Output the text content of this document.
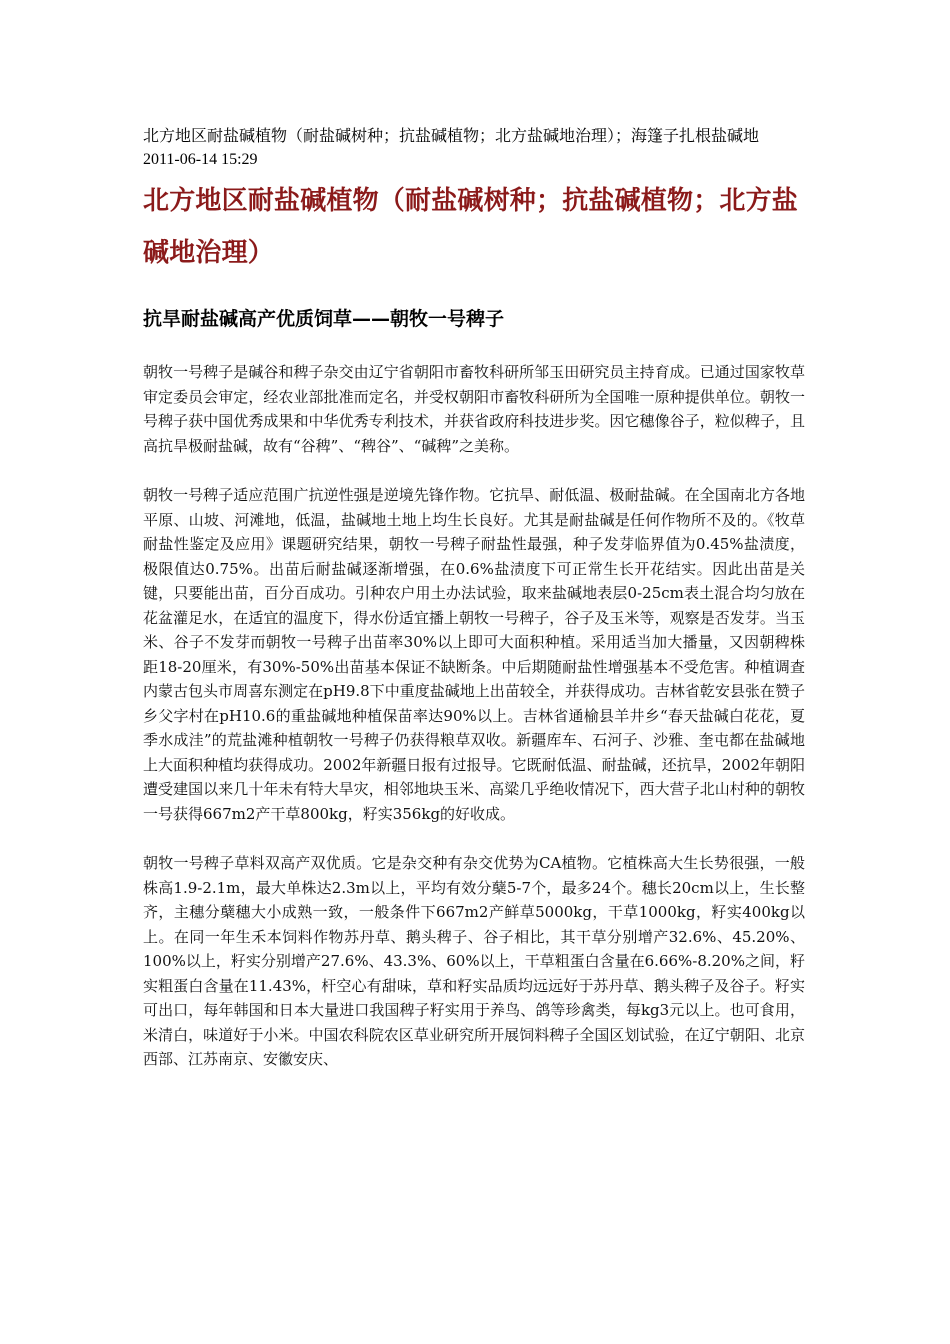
北方地区耐盐碱植物（耐盐碱树种；抗盐碱植物；北方盐碱地治理）；海篷子扎根盐碱地

2011-06-14 15:29

北方地区耐盐碱植物（耐盐碱树种；抗盐碱植物；北方盐碱地治理）
抗旱耐盐碱高产优质饲草——朝牧一号稗子

朝牧一号稗子是碱谷和稗子杂交由辽宁省朝阳市畜牧科研所邹玉田研究员主持育成。已通过国家牧草审定委员会审定，经农业部批准而定名，并受权朝阳市畜牧科研所为全国唯一原种提供单位。朝牧一号稗子获中国优秀成果和中华优秀专利技术，并获省政府科技进步奖。因它穗像谷子，粒似稗子，且高抗旱极耐盐碱，故有“谷稗”、“稗谷”、“碱稗”之美称。

朝牧一号稗子适应范围广抗逆性强是逆境先锋作物。它抗旱、耐低温、极耐盐碱。在全国南北方各地平原、山坡、河滩地，低温，盐碱地土地上均生长良好。尤其是耐盐碱是任何作物所不及的。《牧草耐盐性鉴定及应用》课题研究结果，朝牧一号稗子耐盐性最强，种子发芽临界值为0.45%盐渍度，极限值达0.75%。出苗后耐盐碱逐渐增强，在0.6%盐渍度下可正常生长开花结实。因此出苗是关键，只要能出苗，百分百成功。引种农户用土办法试验，取来盐碱地表层0-25cm表土混合均匀放在花盆灌足水，在适宜的温度下，得水份适宜播上朝牧一号稗子，谷子及玉米等，观察是否发芽。当玉米、谷子不发芽而朝牧一号稗子出苗率30%以上即可大面积种植。采用适当加大播量，又因朝稗株距18-20厘米，有30%-50%出苗基本保证不缺断条。中后期随耐盐性增强基本不受危害。种植调查内蒙古包头市周喜东测定在pH9.8下中重度盐碱地上出苗较全，并获得成功。吉林省乾安县张在赞子乡父字村在pH10.6的重盐碱地种植保苗率达90%以上。吉林省通榆县羊井乡“春天盐碱白花花，夏季水成洼”的荒盐滩种植朝牧一号稗子仍获得粮草双收。新疆库车、石河子、沙雅、奎屯都在盐碱地上大面积种植均获得成功。2002年新疆日报有过报导。它既耐低温、耐盐碱，还抗旱，2002年朝阳遭受建国以来几十年未有特大旱灾，相邻地块玉米、高粱几乎绝收情况下，西大营子北山村种的朝牧一号获得667m2产干草800kg，籽实356kg的好收成。

朝牧一号稗子草料双高产双优质。它是杂交种有杂交优势为CA植物。它植株高大生长势很强，一般株高1.9-2.1m，最大单株达2.3m以上，平均有效分蘖5-7个，最多24个。穗长20cm以上，生长整齐，主穗分蘖穗大小成熟一致，一般条件下667m2产鲜草5000kg，干草1000kg，籽实400kg以上。在同一年生禾本饲料作物苏丹草、鹅头稗子、谷子相比，其干草分别增产32.6%、45.20%、100%以上，籽实分别增产27.6%、43.3%、60%以上，干草粗蛋白含量在6.66%-8.20%之间，籽实粗蛋白含量在11.43%，杆空心有甜味，草和籽实品质均远远好于苏丹草、鹅头稗子及谷子。籽实可出口，每年韩国和日本大量进口我国稗子籽实用于养鸟、鸽等珍禽类，每kg3元以上。也可食用，米清白，味道好于小米。中国农科院农区草业研究所开展饲料稗子全国区划试验，在辽宁朝阳、北京西部、江苏南京、安徽安庆、
